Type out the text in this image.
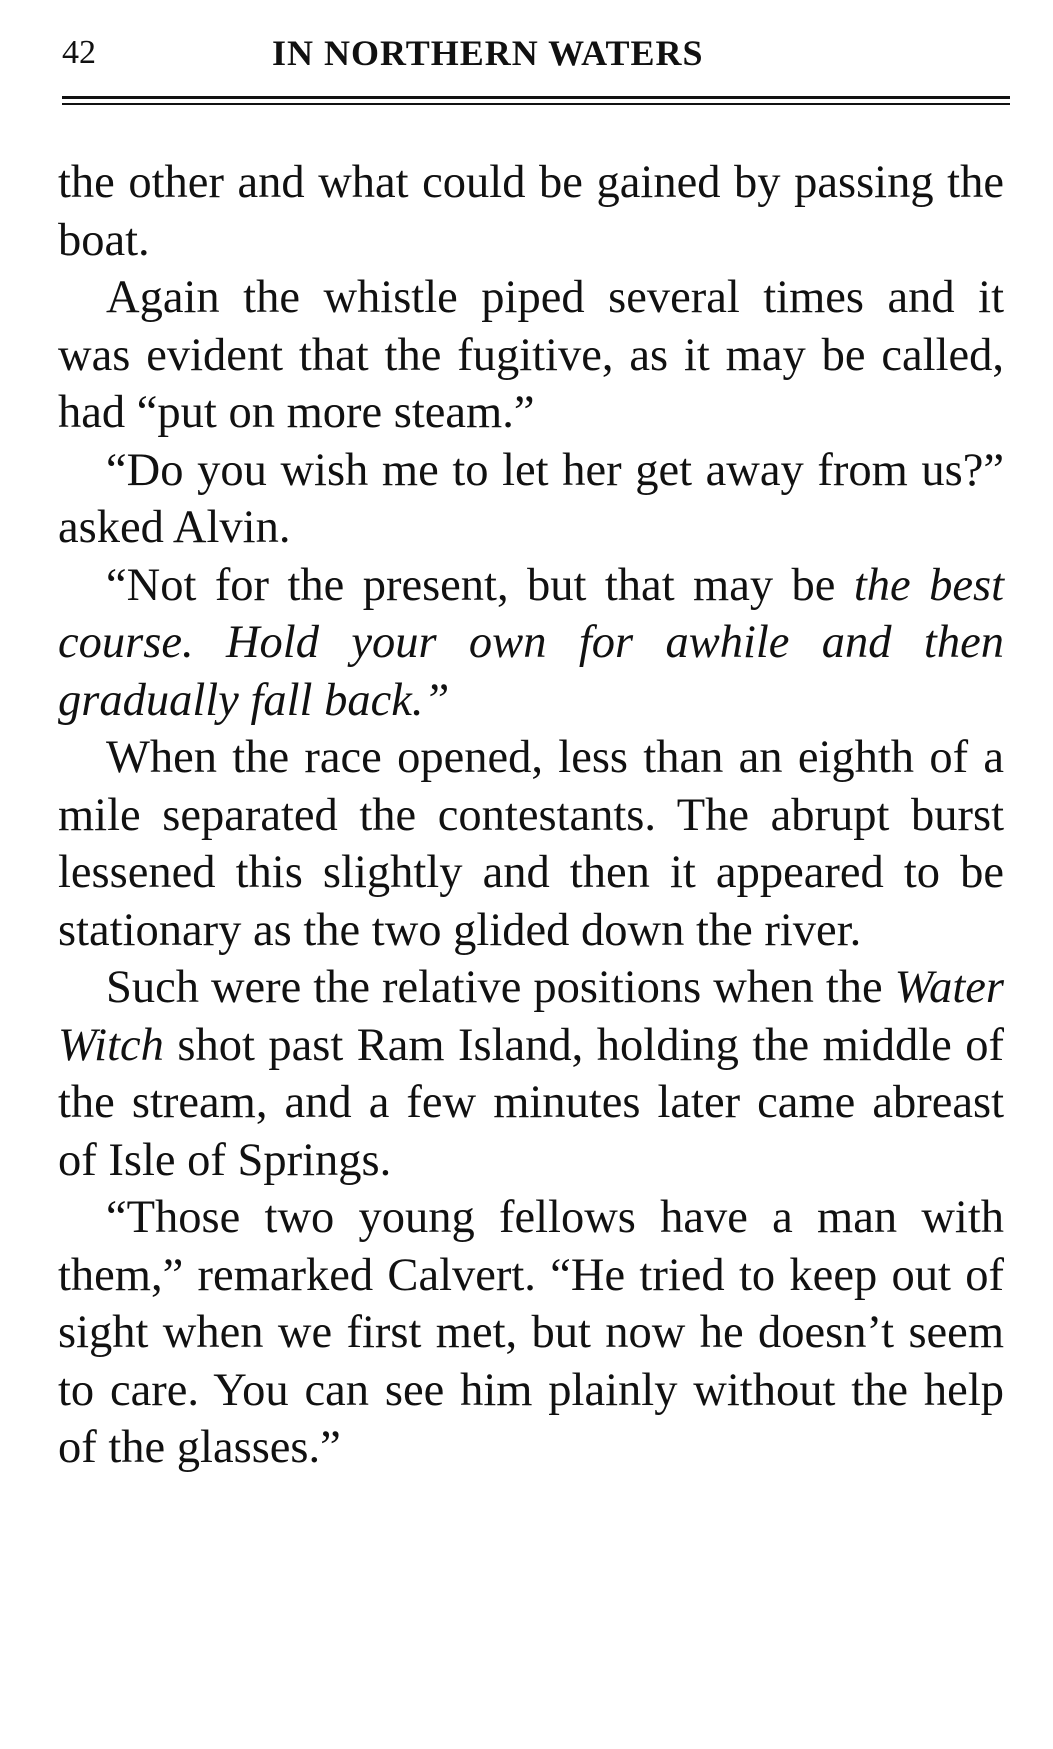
42	IN NORTHERN WATERS

the other and what could be gained by passing the boat.

Again the whistle piped several times and it was evident that the fugitive, as it may be called, had “put on more steam.”

“Do you wish me to let her get away from us?” asked Alvin.

“Not for the present, but that may be the best course. Hold your own for awhile and then gradually fall back.”

When the race opened, less than an eighth of a mile separated the contestants. The abrupt burst lessened this slightly and then it appeared to be stationary as the two glided down the river.

Such were the relative positions when the Water Witch shot past Ram Island, holding the middle of the stream, and a few minutes later came abreast of Isle of Springs.

“Those two young fellows have a man with them,” remarked Calvert. “He tried to keep out of sight when we first met, but now he doesn’t seem to care. You can see him plainly without the help of the glasses.”
